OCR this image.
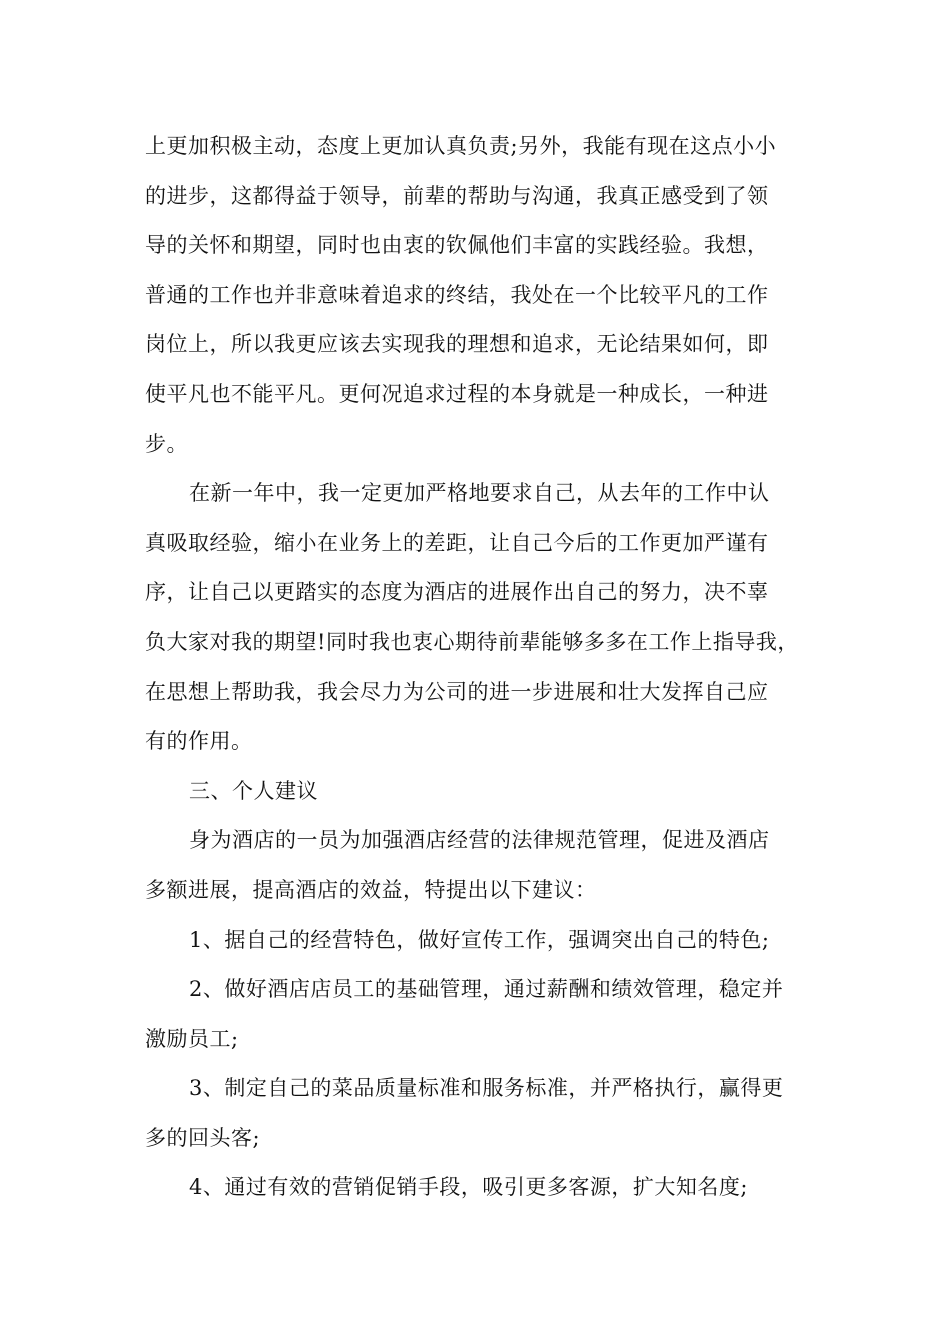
上更加积极主动，态度上更加认真负责;另外，我能有现在这点小小
的进步，这都得益于领导，前辈的帮助与沟通，我真正感受到了领
导的关怀和期望，同时也由衷的钦佩他们丰富的实践经验。我想，
普通的工作也并非意味着追求的终结，我处在一个比较平凡的工作
岗位上，所以我更应该去实现我的理想和追求，无论结果如何，即
使平凡也不能平凡。更何况追求过程的本身就是一种成长，一种进
步。
在新一年中，我一定更加严格地要求自己，从去年的工作中认
真吸取经验，缩小在业务上的差距，让自己今后的工作更加严谨有
序，让自己以更踏实的态度为酒店的进展作出自己的努力，决不辜
负大家对我的期望!同时我也衷心期待前辈能够多多在工作上指导我，
在思想上帮助我，我会尽力为公司的进一步进展和壮大发挥自己应
有的作用。
三、个人建议
身为酒店的一员为加强酒店经营的法律规范管理，促进及酒店
多额进展，提高酒店的效益，特提出以下建议：
1、据自己的经营特色，做好宣传工作，强调突出自己的特色;
2、做好酒店店员工的基础管理，通过薪酬和绩效管理，稳定并
激励员工;
3、制定自己的菜品质量标准和服务标准，并严格执行，赢得更
多的回头客;
4、通过有效的营销促销手段，吸引更多客源，扩大知名度;
